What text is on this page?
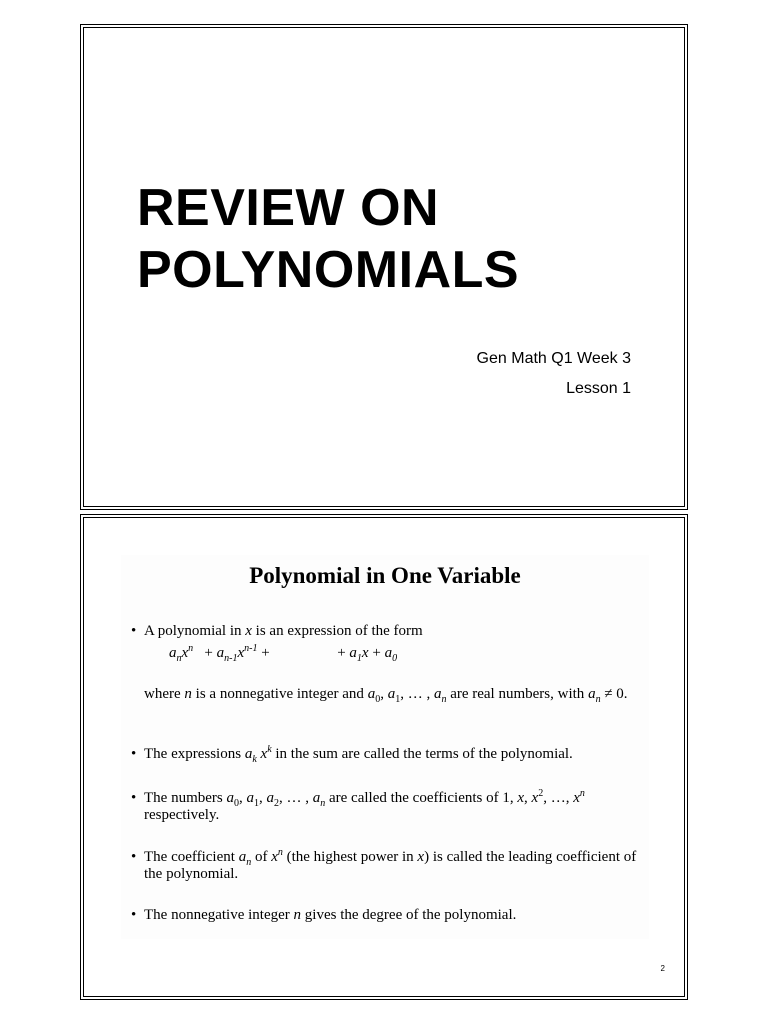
REVIEW ON
POLYNOMIALS
Gen Math Q1 Week 3
Lesson 1
Polynomial in One Variable
• A polynomial in x is an expression of the form
$a_nx^n + a_{n-1}x^{n-1}$ +                  + $a_1x + a_0$
where n is a nonnegative integer and $a_0$, $a_1$, … , $a_n$ are real numbers, with $a_n \ne 0$.
• The expressions $a_k$ $x^k$ in the sum are called the terms of the polynomial.
• The numbers $a_0$, $a_1$, $a_2$, … , $a_n$ are called the coefficients of 1, x, $x^2$, …, $x^n$ respectively.
• The coefficient $a_n$ of $x^n$ (the highest power in x) is called the leading coefficient of the polynomial.
• The nonnegative integer n gives the degree of the polynomial.
2
